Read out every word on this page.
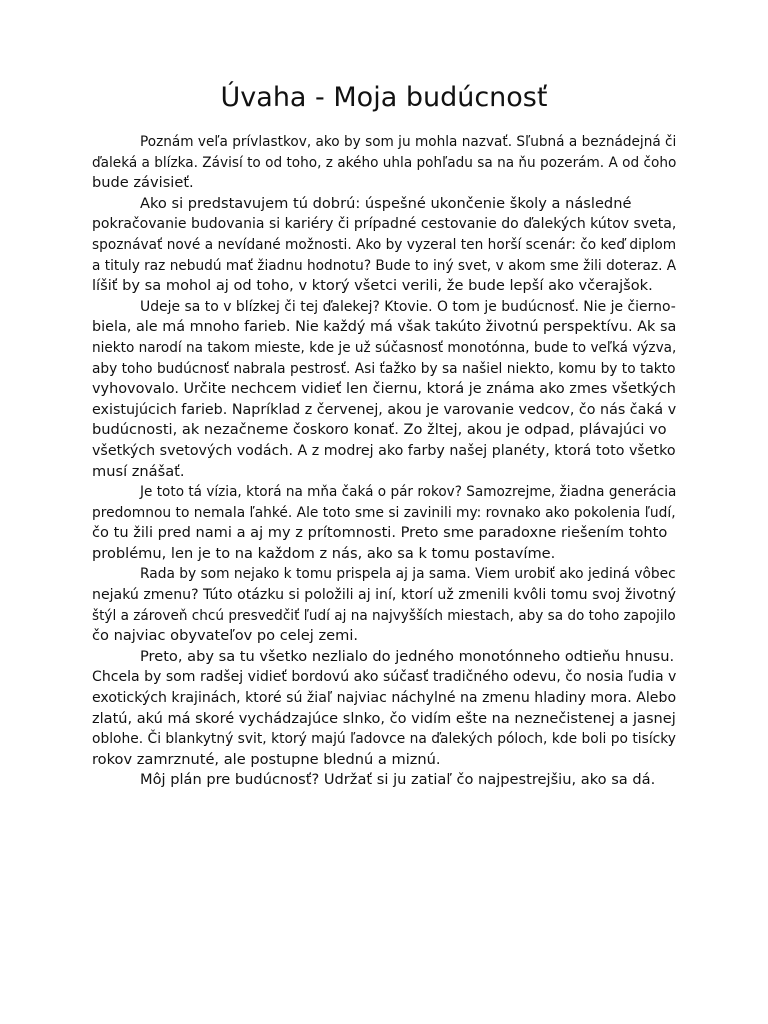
Úvaha - Moja budúcnosť
Poznám veľa prívlastkov, ako by som ju mohla nazvať. Sľubná a beznádejná či
ďaleká a blízka. Závisí to od toho, z akého uhla pohľadu sa na ňu pozerám. A od čoho
bude závisieť.
Ako si predstavujem tú dobrú: úspešné ukončenie školy a následné
pokračovanie budovania si kariéry či prípadné cestovanie do ďalekých kútov sveta,
spoznávať nové a nevídané možnosti. Ako by vyzeral ten horší scenár: čo keď diplom
a tituly raz nebudú mať žiadnu hodnotu? Bude to iný svet, v akom sme žili doteraz. A
líšiť by sa mohol aj od toho, v ktorý všetci verili, že bude lepší ako včerajšok.
Udeje sa to v blízkej či tej ďalekej? Ktovie. O tom je budúcnosť. Nie je čierno-
biela, ale má mnoho farieb. Nie každý má však takúto životnú perspektívu. Ak sa
niekto narodí na takom mieste, kde je už súčasnosť monotónna, bude to veľká výzva,
aby toho budúcnosť nabrala pestrosť. Asi ťažko by sa našiel niekto, komu by to takto
vyhovovalo. Určite nechcem vidieť len čiernu, ktorá je známa ako zmes všetkých
existujúcich farieb. Napríklad z červenej, akou je varovanie vedcov, čo nás čaká v
budúcnosti, ak nezačneme čoskoro konať. Zo žltej, akou je odpad, plávajúci vo
všetkých svetových vodách. A z modrej ako farby našej planéty, ktorá toto všetko
musí znášať.
Je toto tá vízia, ktorá na mňa čaká o pár rokov? Samozrejme, žiadna generácia
predomnou to nemala ľahké. Ale toto sme si zavinili my: rovnako ako pokolenia ľudí,
čo tu žili pred nami a aj my z prítomnosti. Preto sme paradoxne riešením tohto
problému, len je to na každom z nás, ako sa k tomu postavíme.
Rada by som nejako k tomu prispela aj ja sama. Viem urobiť ako jediná vôbec
nejakú zmenu? Túto otázku si položili aj iní, ktorí už zmenili kvôli tomu svoj životný
štýl a zároveň chcú presvedčiť ľudí aj na najvyšších miestach, aby sa do toho zapojilo
čo najviac obyvateľov po celej zemi.
Preto, aby sa tu všetko nezlialo do jedného monotónneho odtieňu hnusu.
Chcela by som radšej vidieť bordovú ako súčasť tradičného odevu, čo nosia ľudia v
exotických krajinách, ktoré sú žiaľ najviac náchylné na zmenu hladiny mora. Alebo
zlatú, akú má skoré vychádzajúce slnko, čo vidím ešte na neznečistenej a jasnej
oblohe. Či blankytný svit, ktorý majú ľadovce na ďalekých póloch, kde boli po tisícky
rokov zamrznuté, ale postupne blednú a miznú.
Môj plán pre budúcnosť? Udržať si ju zatiaľ čo najpestrejšiu, ako sa dá.
